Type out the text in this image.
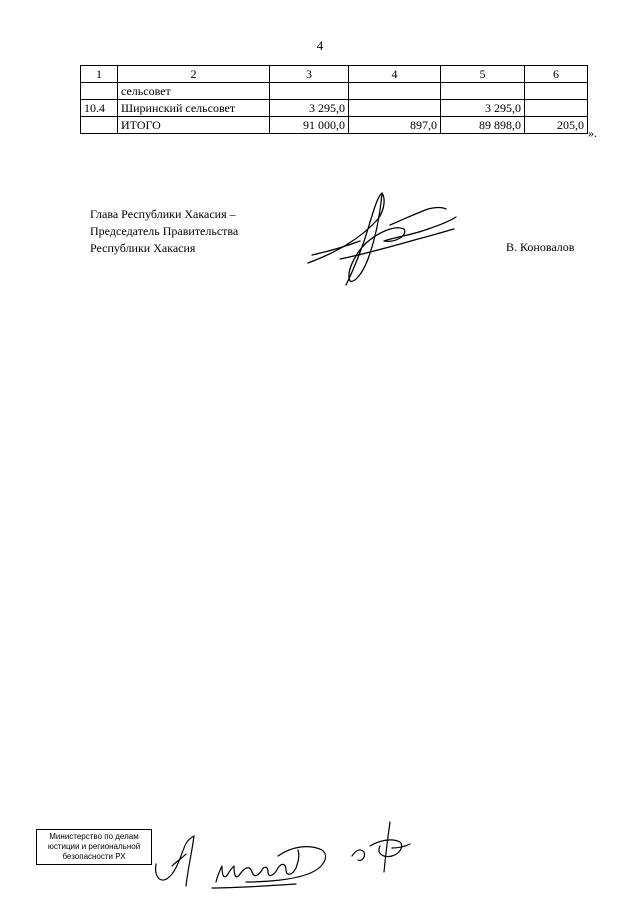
4
1	2	3	4	5	6
	сельсовет				
10.4	Ширинский сельсовет	3 295,0		3 295,0	
	ИТОГО	91 000,0	897,0	89 898,0	205,0
».
Глава Республики Хакасия –
Председатель Правительства
Республики Хакасия	В. Коновалов
Министерство по делам
юстиции и региональной
безопасности РХ
